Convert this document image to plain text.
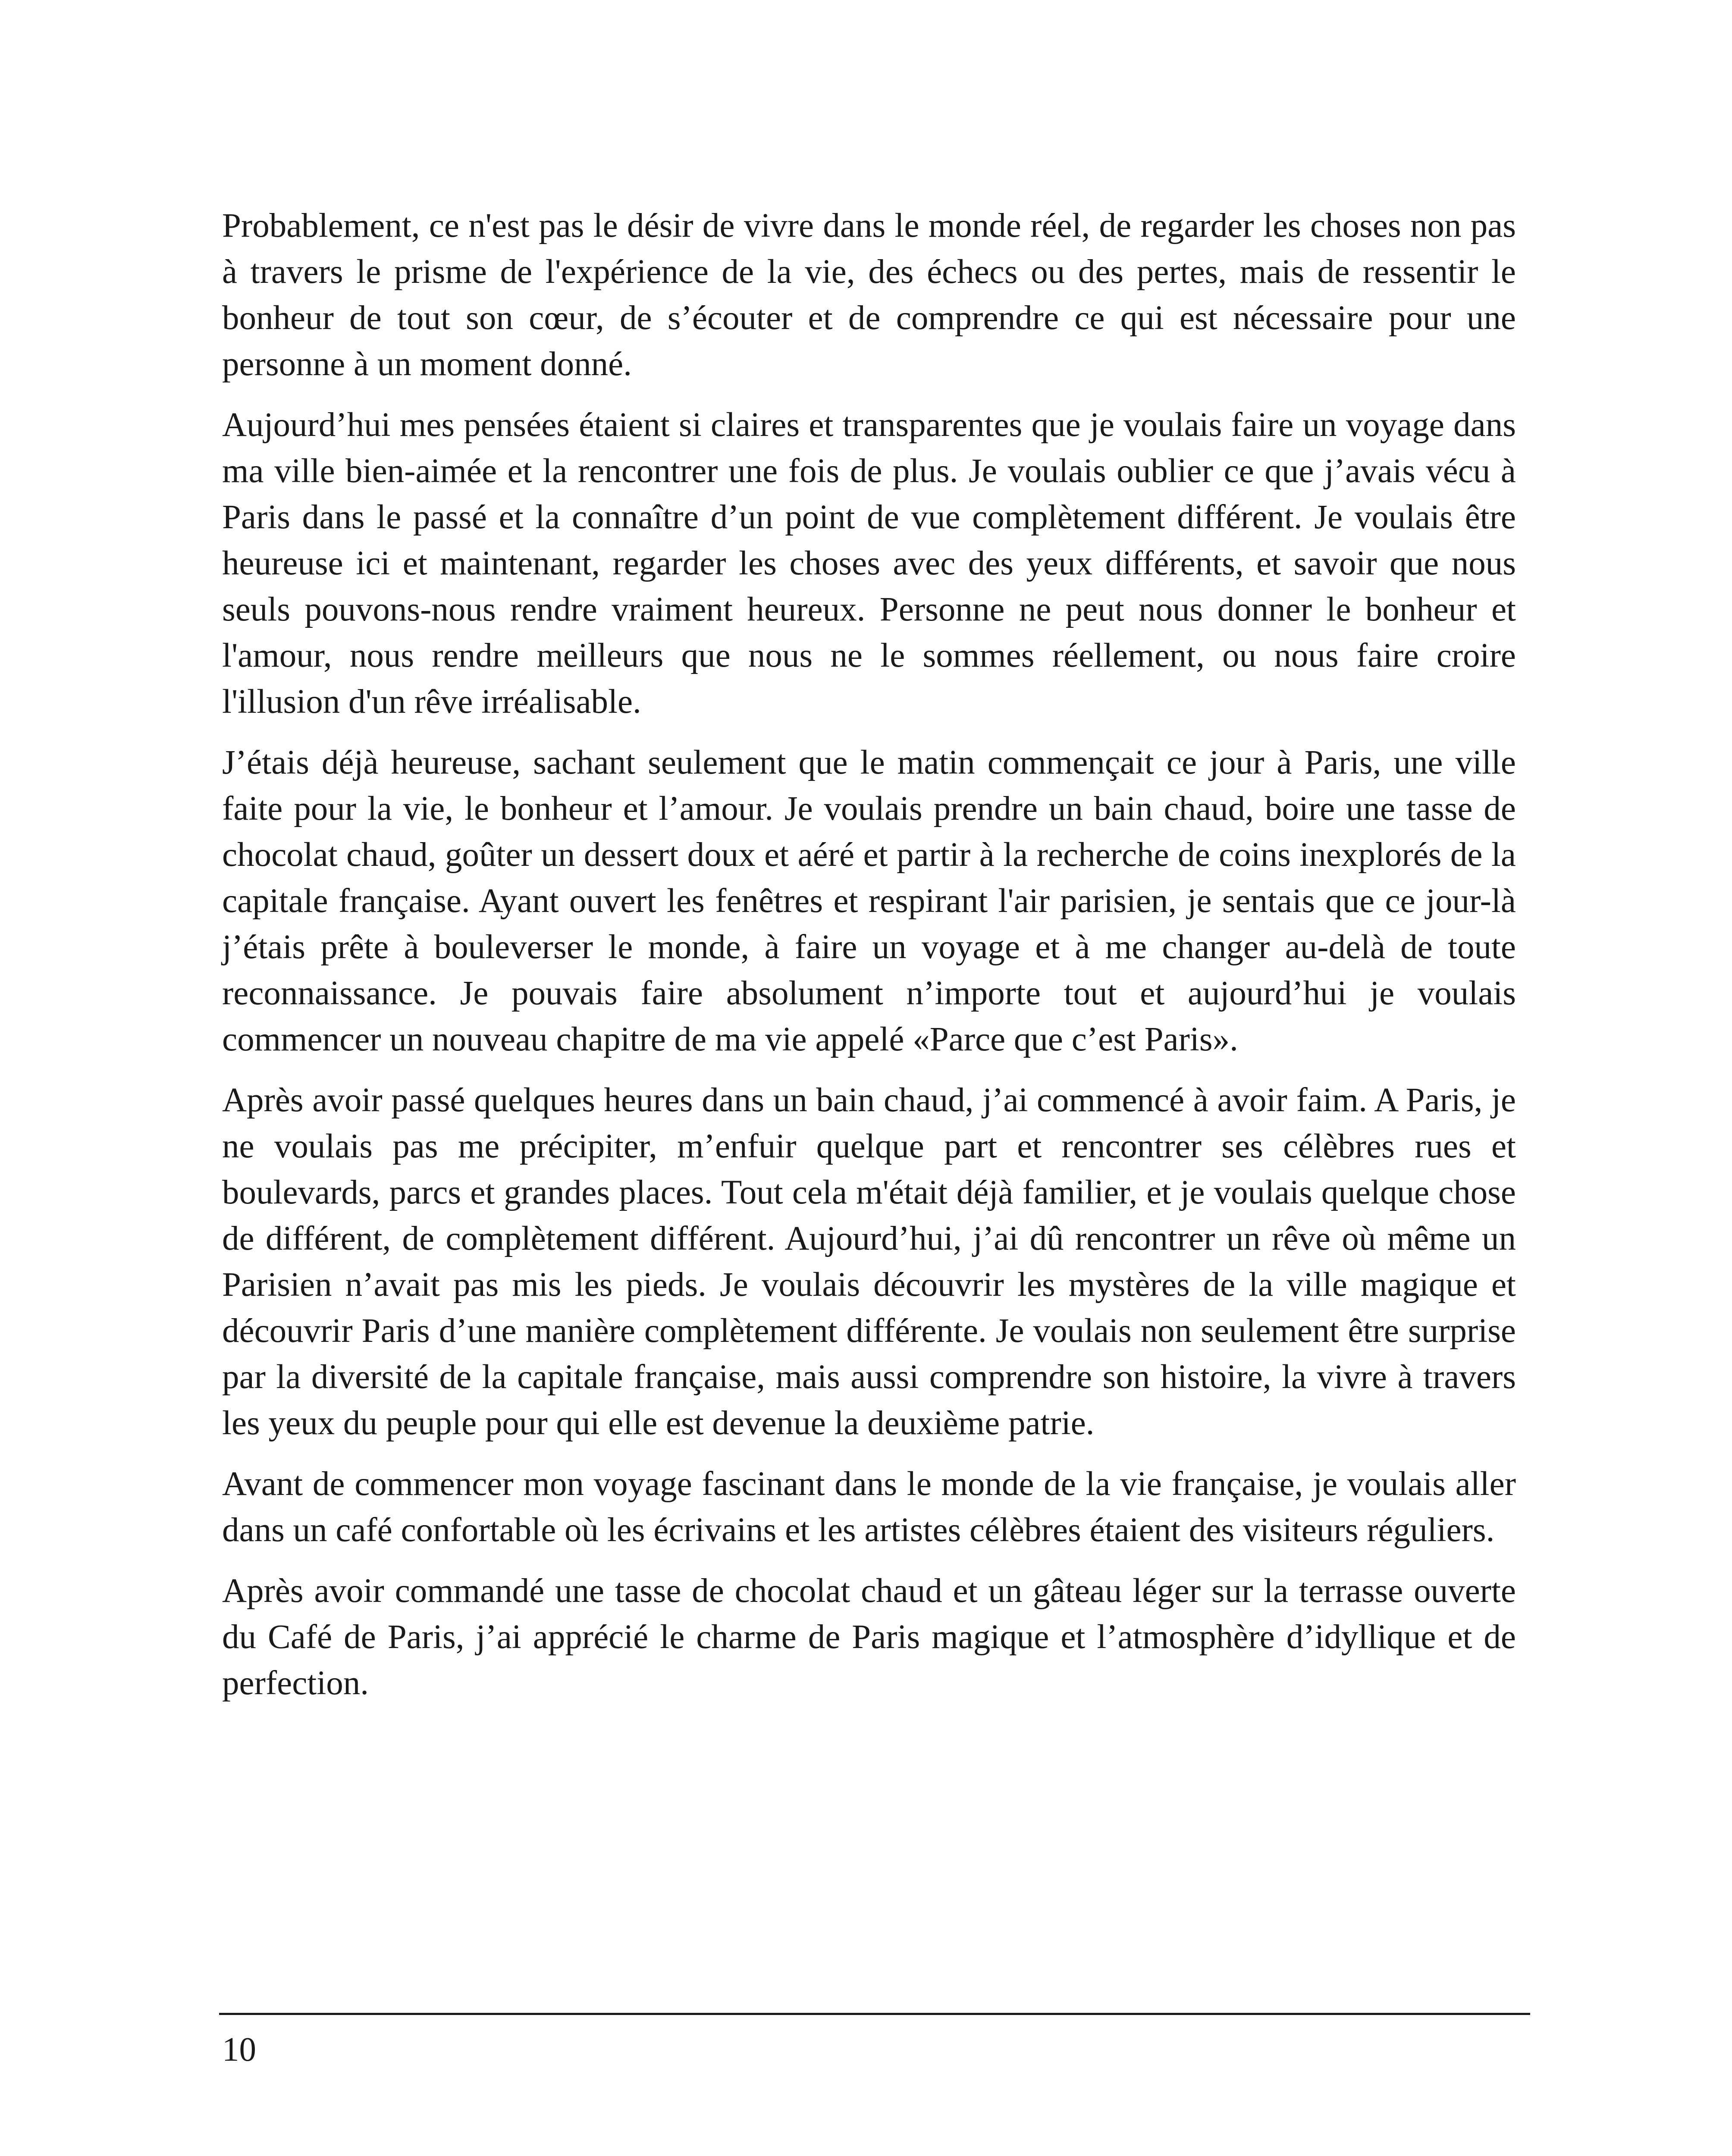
Probablement, ce n'est pas le désir de vivre dans le monde réel, de regarder les choses non pas à travers le prisme de l'expérience de la vie, des échecs ou des pertes, mais de ressentir le bonheur de tout son cœur, de s’écouter et de comprendre ce qui est nécessaire pour une personne à un moment donné.

Aujourd’hui mes pensées étaient si claires et transparentes que je voulais faire un voyage dans ma ville bien-aimée et la rencontrer une fois de plus. Je voulais oublier ce que j’avais vécu à Paris dans le passé et la connaître d’un point de vue complètement différent. Je voulais être heureuse ici et maintenant, regarder les choses avec des yeux différents, et savoir que nous seuls pouvons-nous rendre vraiment heureux. Personne ne peut nous donner le bonheur et l'amour, nous rendre meilleurs que nous ne le sommes réellement, ou nous faire croire l'illusion d'un rêve irréalisable.

J’étais déjà heureuse, sachant seulement que le matin commençait ce jour à Paris, une ville faite pour la vie, le bonheur et l’amour. Je voulais prendre un bain chaud, boire une tasse de chocolat chaud, goûter un dessert doux et aéré et partir à la recherche de coins inexplorés de la capitale française. Ayant ouvert les fenêtres et respirant l'air parisien, je sentais que ce jour-là j’étais prête à bouleverser le monde, à faire un voyage et à me changer au-delà de toute reconnaissance. Je pouvais faire absolument n’importe tout et aujourd’hui je voulais commencer un nouveau chapitre de ma vie appelé «Parce que c’est Paris».

Après avoir passé quelques heures dans un bain chaud, j’ai commencé à avoir faim. A Paris, je ne voulais pas me précipiter, m’enfuir quelque part et rencontrer ses célèbres rues et boulevards, parcs et grandes places. Tout cela m'était déjà familier, et je voulais quelque chose de différent, de complètement différent. Aujourd’hui, j’ai dû rencontrer un rêve où même un Parisien n’avait pas mis les pieds. Je voulais découvrir les mystères de la ville magique et découvrir Paris d’une manière complètement différente. Je voulais non seulement être surprise par la diversité de la capitale française, mais aussi comprendre son histoire, la vivre à travers les yeux du peuple pour qui elle est devenue la deuxième patrie.

Avant de commencer mon voyage fascinant dans le monde de la vie française, je voulais aller dans un café confortable où les écrivains et les artistes célèbres étaient des visiteurs réguliers.

Après avoir commandé une tasse de chocolat chaud et un gâteau léger sur la terrasse ouverte du Café de Paris, j’ai apprécié le charme de Paris magique et l’atmosphère d’idyllique et de perfection.

10
